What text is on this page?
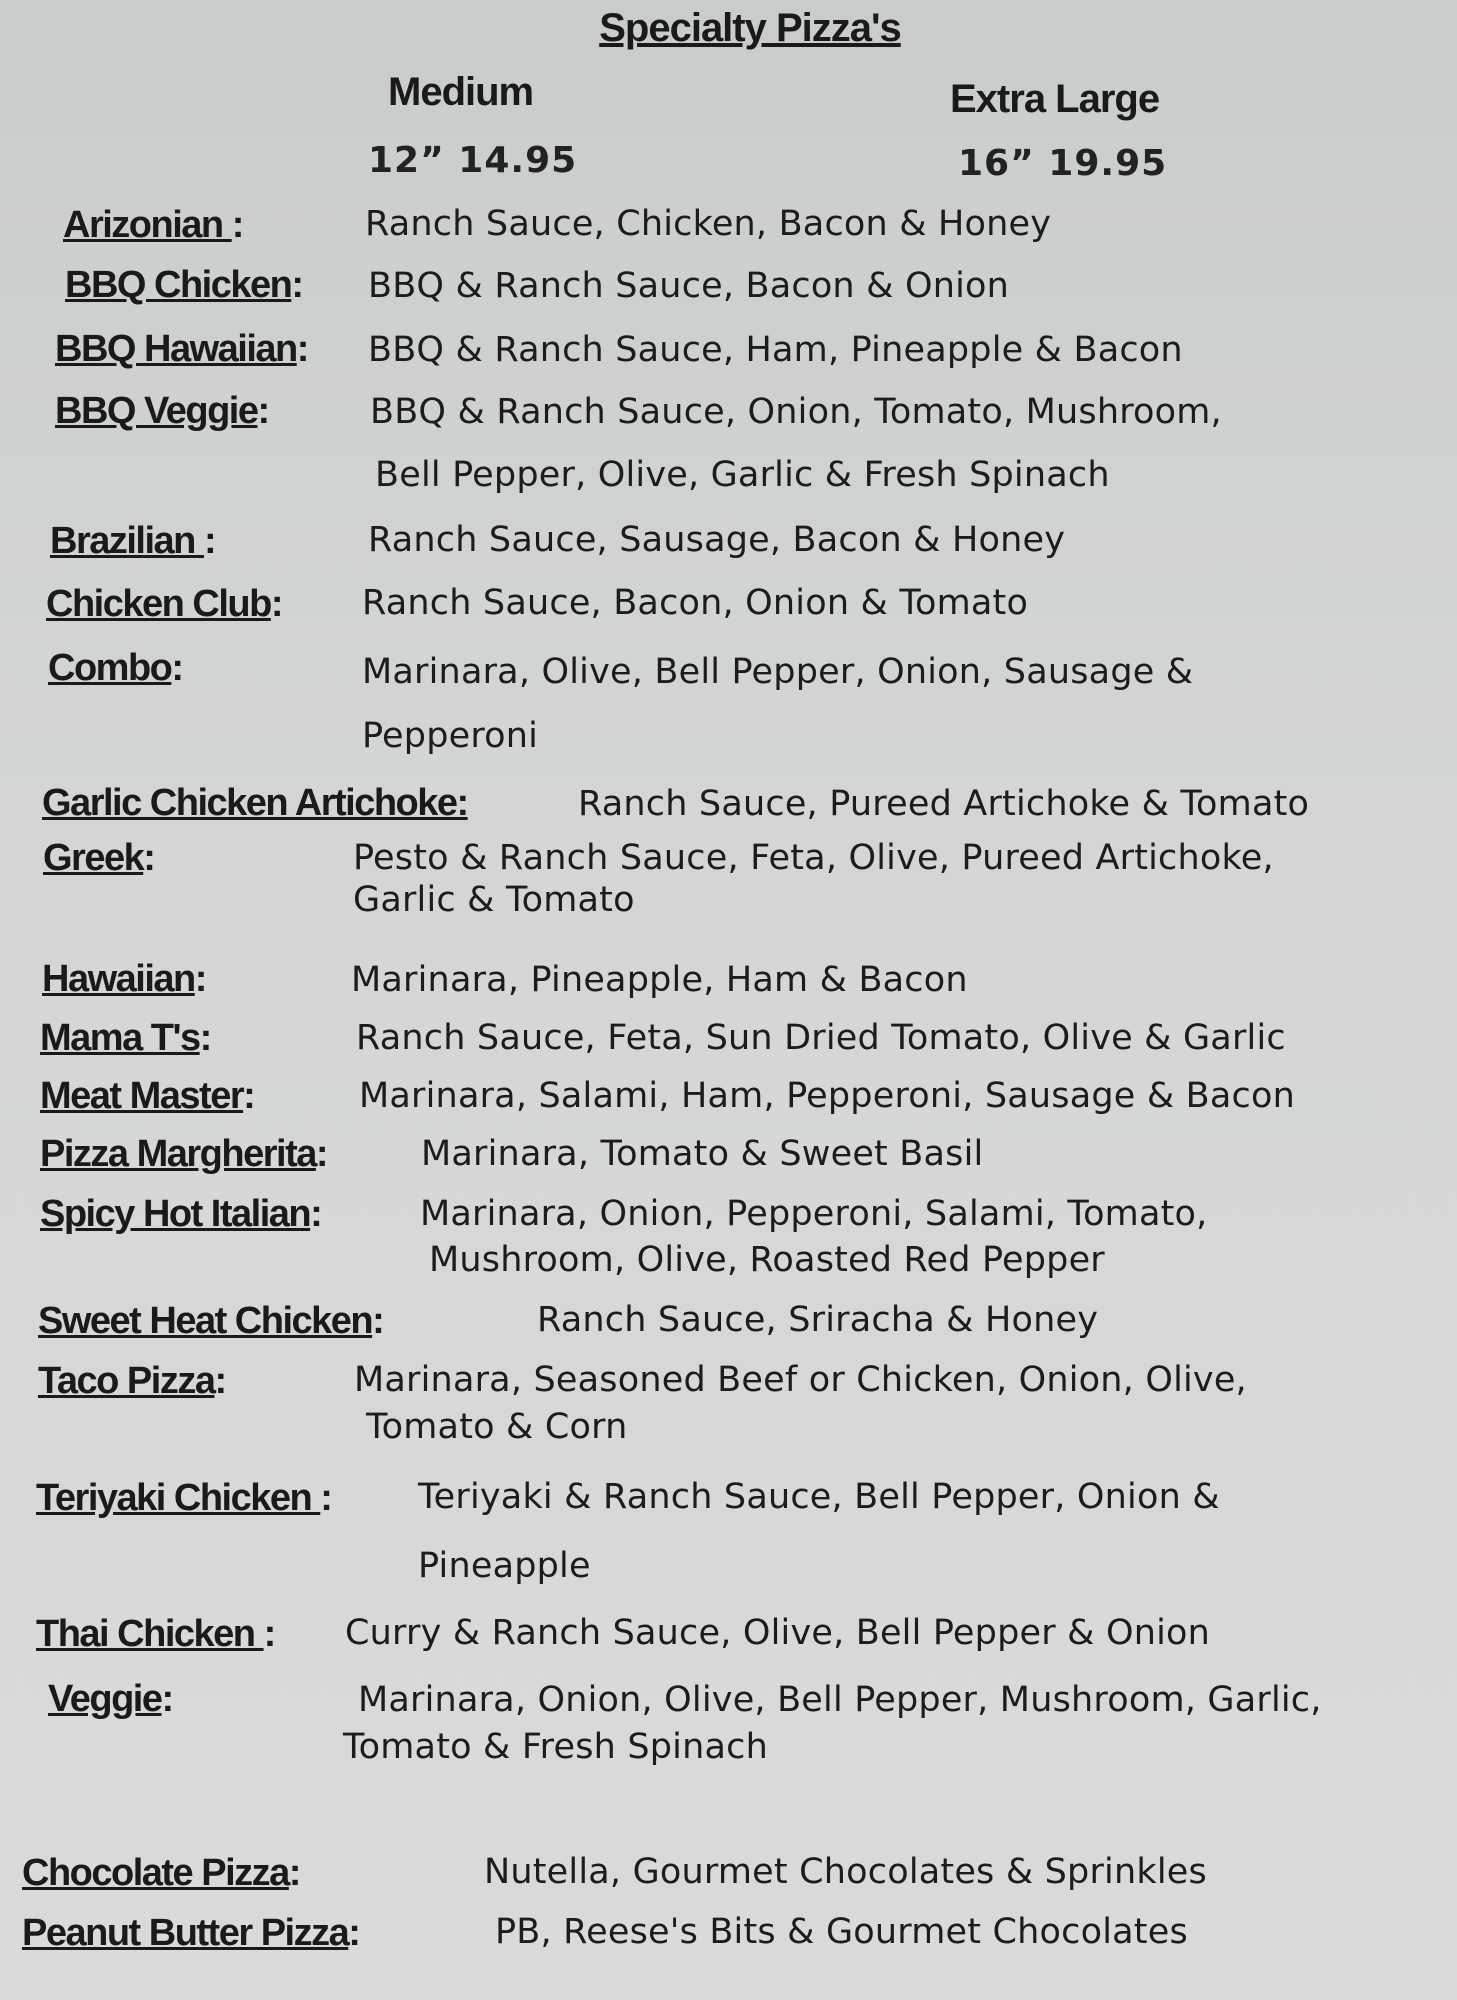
Specialty Pizza's
Medium	Extra Large
12” 14.95	16” 19.95
Arizonian :	Ranch Sauce, Chicken, Bacon & Honey
BBQ Chicken: BBQ & Ranch Sauce, Bacon & Onion
BBQ Hawaiian: BBQ & Ranch Sauce, Ham, Pineapple & Bacon
BBQ Veggie:	BBQ & Ranch Sauce, Onion, Tomato, Mushroom,
Bell Pepper, Olive, Garlic & Fresh Spinach
Brazilian :	Ranch Sauce, Sausage, Bacon & Honey
Chicken Club: Ranch Sauce, Bacon, Onion & Tomato
Combo:	Marinara, Olive, Bell Pepper, Onion, Sausage &
Pepperoni
Garlic Chicken Artichoke:	Ranch Sauce, Pureed Artichoke & Tomato
Greek:	Pesto & Ranch Sauce, Feta, Olive, Pureed Artichoke,
Garlic & Tomato
Hawaiian:	Marinara, Pineapple, Ham & Bacon
Mama T's:	Ranch Sauce, Feta, Sun Dried Tomato, Olive & Garlic
Meat Master:	Marinara, Salami, Ham, Pepperoni, Sausage & Bacon
Pizza Margherita:	Marinara, Tomato & Sweet Basil
Spicy Hot Italian:	Marinara, Onion, Pepperoni, Salami, Tomato,
Mushroom, Olive, Roasted Red Pepper
Sweet Heat Chicken:	Ranch Sauce, Sriracha & Honey
Taco Pizza:	Marinara, Seasoned Beef or Chicken, Onion, Olive,
Tomato & Corn
Teriyaki Chicken : Teriyaki & Ranch Sauce, Bell Pepper, Onion &
Pineapple
Thai Chicken : Curry & Ranch Sauce, Olive, Bell Pepper & Onion
Veggie:	Marinara, Onion, Olive, Bell Pepper, Mushroom, Garlic,
Tomato & Fresh Spinach
Chocolate Pizza:	Nutella, Gourmet Chocolates & Sprinkles
Peanut Butter Pizza:	PB, Reese's Bits & Gourmet Chocolates
